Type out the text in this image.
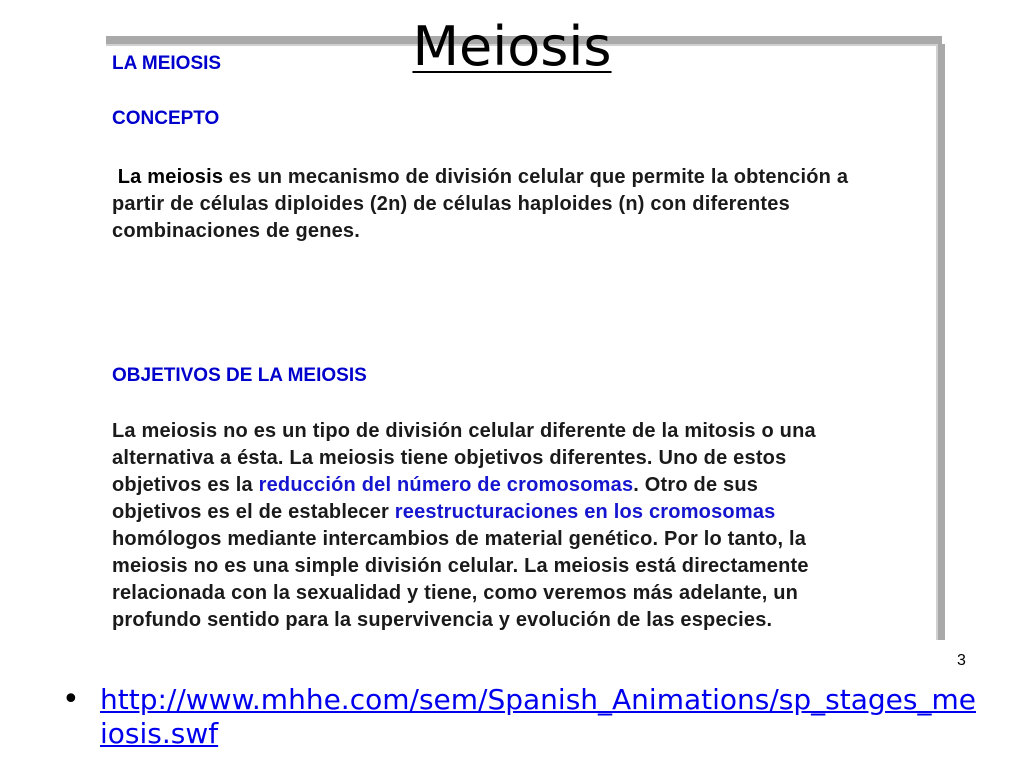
Meiosis
LA MEIOSIS
CONCEPTO
La meiosis es un mecanismo de división celular que permite la obtención a
partir de células diploides (2n) de células haploides (n) con diferentes
combinaciones de genes.
OBJETIVOS DE LA MEIOSIS
La meiosis no es un tipo de división celular diferente de la mitosis o una
alternativa a ésta. La meiosis tiene objetivos diferentes. Uno de estos
objetivos es la reducción del número de cromosomas. Otro de sus
objetivos es el de establecer reestructuraciones en los cromosomas
homólogos mediante intercambios de material genético. Por lo tanto, la
meiosis no es una simple división celular. La meiosis está directamente
relacionada con la sexualidad y tiene, como veremos más adelante, un
profundo sentido para la supervivencia y evolución de las especies.
3
• http://www.mhhe.com/sem/Spanish_Animations/sp_stages_meiosis.swf
